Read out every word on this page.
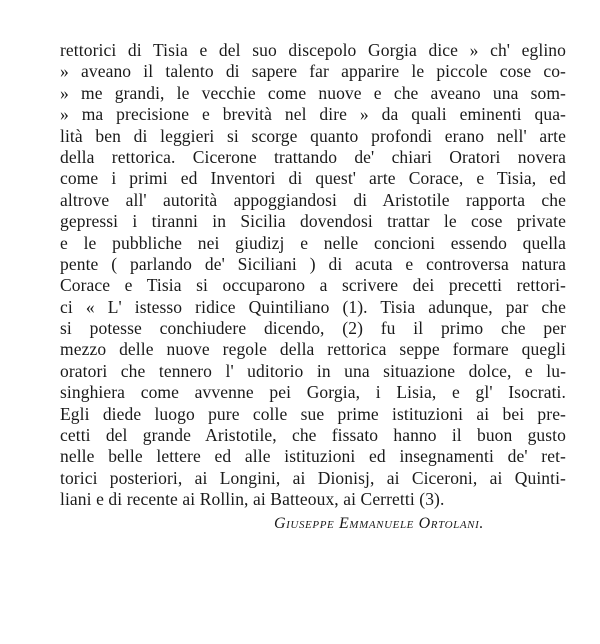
rettorici di Tisia e del suo discepolo Gorgia dice » ch' eglino
» aveano il talento di sapere far apparire le piccole cose co-
» me grandi, le vecchie come nuove e che aveano una som-
» ma precisione e brevità nel dire » da quali eminenti qua-
lità ben di leggieri si scorge quanto profondi erano nell' arte
della rettorica. Cicerone trattando de' chiari Oratori novera
come i primi ed Inventori di quest' arte Corace, e Tisia, ed
altrove all' autorità appoggiandosi di Aristotile rapporta che
gepressi i tiranni in Sicilia dovendosi trattar le cose private
e le pubbliche nei giudizj e nelle concioni essendo quella
pente ( parlando de' Siciliani ) di acuta e controversa natura
Corace e Tisia si occuparono a scrivere dei precetti rettori-
ci « L' istesso ridice Quintiliano (1). Tisia adunque, par che
si potesse conchiudere dicendo, (2) fu il primo che per
mezzo delle nuove regole della rettorica seppe formare quegli
oratori che tennero l' uditorio in una situazione dolce, e lu-
singhiera come avvenne pei Gorgia, i Lisia, e gl' Isocrati.
Egli diede luogo pure colle sue prime istituzioni ai bei pre-
cetti del grande Aristotile, che fissato hanno il buon gusto
nelle belle lettere ed alle istituzioni ed insegnamenti de' ret-
torici posteriori, ai Longini, ai Dionisj, ai Ciceroni, ai Quinti-
liani e di recente ai Rollin, ai Batteoux, ai Cerretti (3).
Giuseppe Emmanuele Ortolani.
